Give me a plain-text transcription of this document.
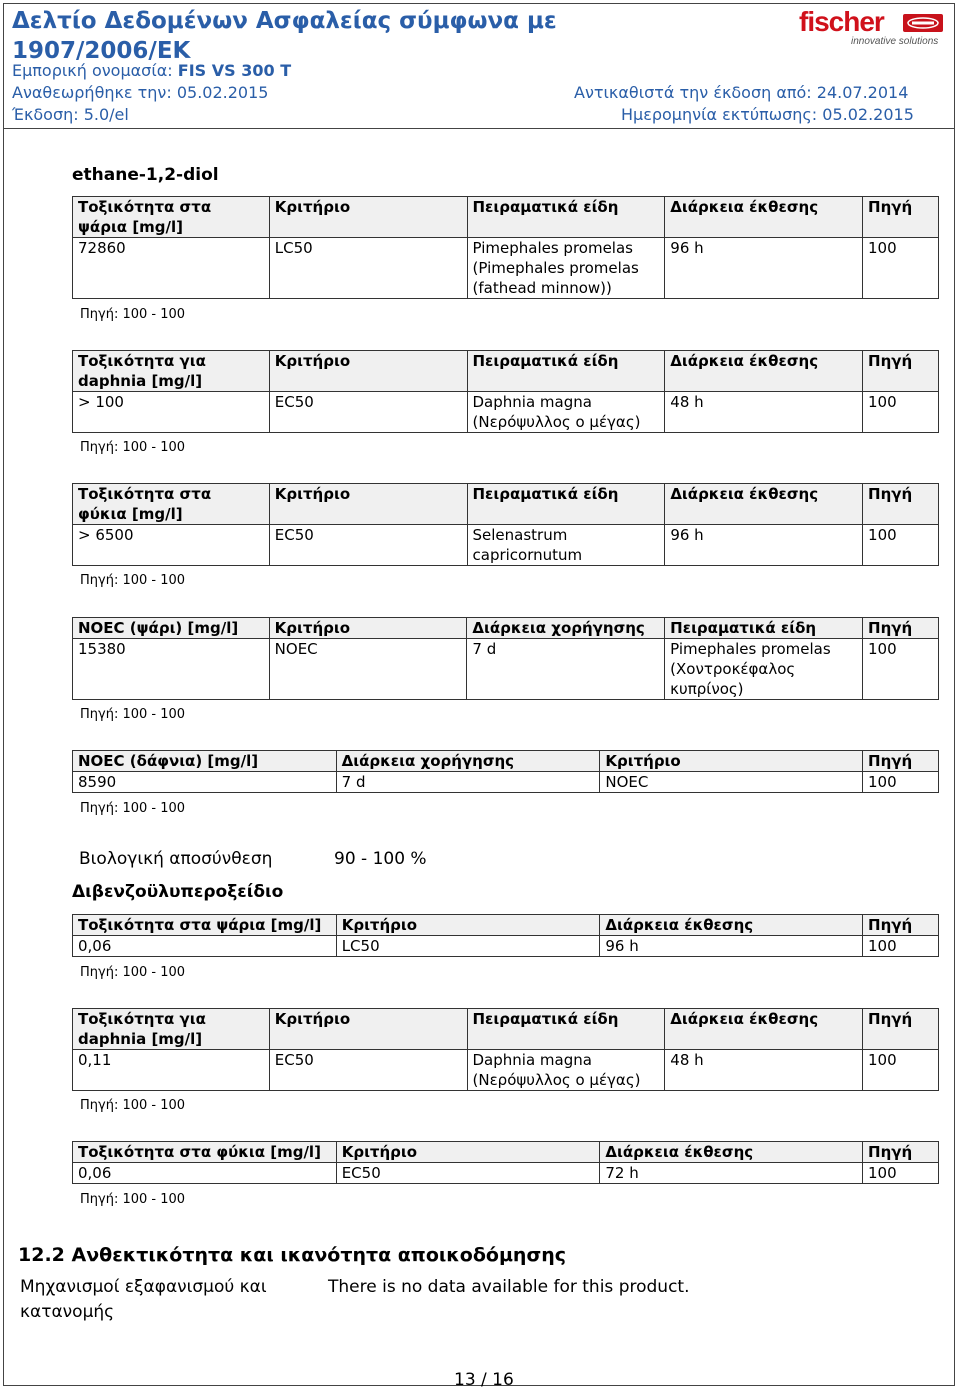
Δελτίο Δεδομένων Ασφαλείας σύμφωνα με
1907/2006/ΕΚ
Εμπορική ονομασία: FIS VS 300 T
Αναθεωρήθηκε την: 05.02.2015
Έκδοση: 5.0/el
Αντικαθιστά την έκδοση από: 24.07.2014
Ημερομηνία εκτύπωσης: 05.02.2015
fischer
innovative solutions
ethane-1,2-diol
Τοξικότητα στα ψάρια [mg/l]	Κριτήριο	Πειραματικά είδη	Διάρκεια έκθεσης	Πηγή
72860	LC50	Pimephales promelas (Pimephales promelas (fathead minnow))	96 h	100
Πηγή: 100 - 100
Τοξικότητα για daphnia [mg/l]	Κριτήριο	Πειραματικά είδη	Διάρκεια έκθεσης	Πηγή
> 100	EC50	Daphnia magna (Νερόψυλλος ο μέγας)	48 h	100
Πηγή: 100 - 100
Τοξικότητα στα φύκια [mg/l]	Κριτήριο	Πειραματικά είδη	Διάρκεια έκθεσης	Πηγή
> 6500	EC50	Selenastrum capricornutum	96 h	100
Πηγή: 100 - 100
NOEC (ψάρι) [mg/l]	Κριτήριο	Διάρκεια χορήγησης	Πειραματικά είδη	Πηγή
15380	NOEC	7 d	Pimephales promelas (Χοντροκέφαλος κυπρίνος)	100
Πηγή: 100 - 100
NOEC (δάφνια) [mg/l]	Διάρκεια χορήγησης	Κριτήριο	Πηγή
8590	7 d	NOEC	100
Πηγή: 100 - 100
Βιολογική αποσύνθεση	90 - 100 %
Διβενζοϋλυπεροξείδιο
Τοξικότητα στα ψάρια [mg/l]	Κριτήριο	Διάρκεια έκθεσης	Πηγή
0,06	LC50	96 h	100
Πηγή: 100 - 100
Τοξικότητα για daphnia [mg/l]	Κριτήριο	Πειραματικά είδη	Διάρκεια έκθεσης	Πηγή
0,11	EC50	Daphnia magna (Νερόψυλλος ο μέγας)	48 h	100
Πηγή: 100 - 100
Τοξικότητα στα φύκια [mg/l]	Κριτήριο	Διάρκεια έκθεσης	Πηγή
0,06	EC50	72 h	100
Πηγή: 100 - 100
12.2 Ανθεκτικότητα και ικανότητα αποικοδόμησης
Μηχανισμοί εξαφανισμού και κατανομής
There is no data available for this product.
13 / 16
